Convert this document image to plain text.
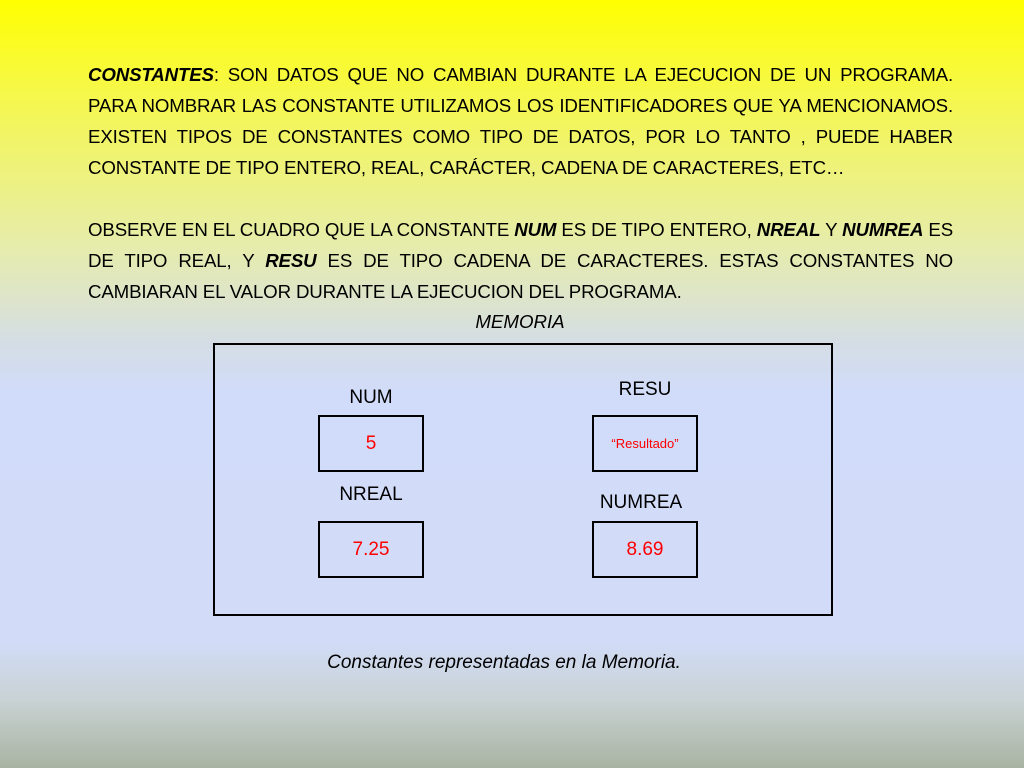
CONSTANTES: SON DATOS QUE NO CAMBIAN DURANTE LA EJECUCION DE UN PROGRAMA. PARA NOMBRAR LAS CONSTANTE UTILIZAMOS LOS IDENTIFICADORES QUE YA MENCIONAMOS. EXISTEN TIPOS DE CONSTANTES COMO TIPO DE DATOS, POR LO TANTO , PUEDE HABER CONSTANTE DE TIPO ENTERO, REAL, CARÁCTER, CADENA DE CARACTERES, ETC…
OBSERVE EN EL CUADRO QUE LA CONSTANTE NUM ES DE TIPO ENTERO, NREAL Y NUMREA ES DE TIPO REAL, Y RESU ES DE TIPO CADENA DE CARACTERES. ESTAS CONSTANTES NO CAMBIARAN EL VALOR DURANTE LA EJECUCION DEL PROGRAMA.
MEMORIA
NUM
5
RESU
“Resultado”
NREAL
7.25
NUMREA
8.69
Constantes representadas en la Memoria.
